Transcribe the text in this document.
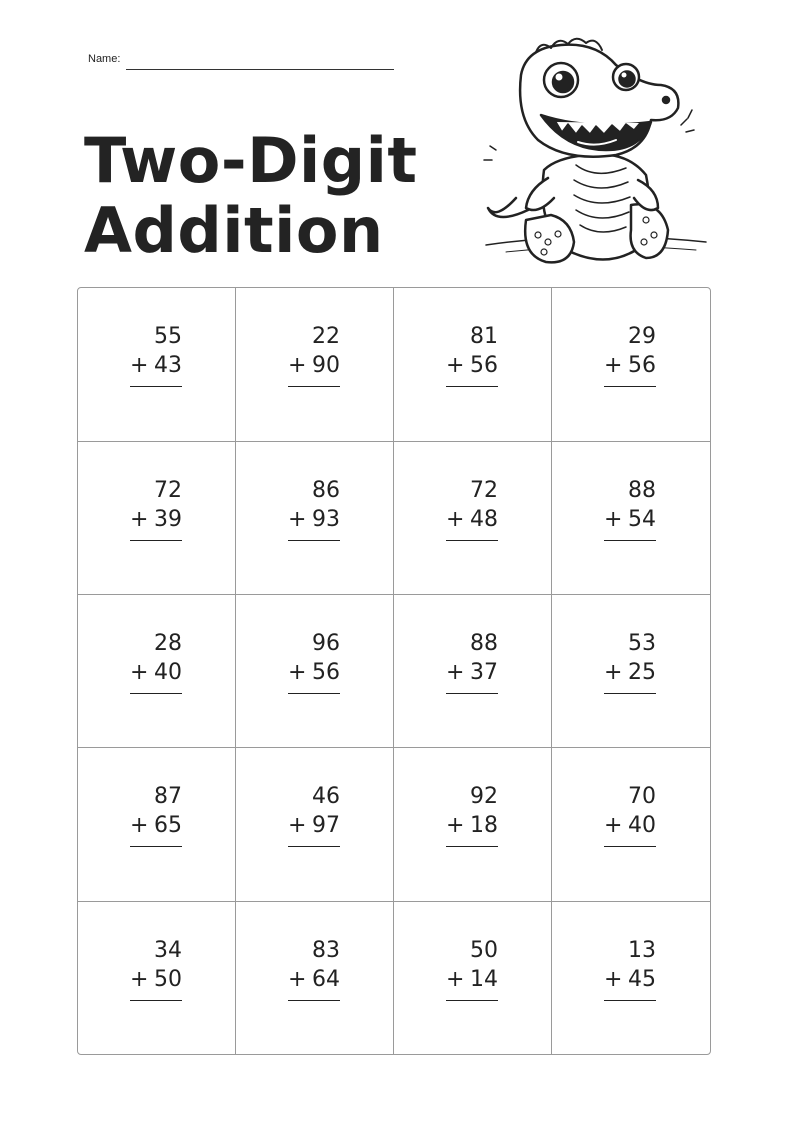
Name:
Two-Digit
Addition
55
+ 43
22
+ 90
81
+ 56
29
+ 56
72
+ 39
86
+ 93
72
+ 48
88
+ 54
28
+ 40
96
+ 56
88
+ 37
53
+ 25
87
+ 65
46
+ 97
92
+ 18
70
+ 40
34
+ 50
83
+ 64
50
+ 14
13
+ 45
